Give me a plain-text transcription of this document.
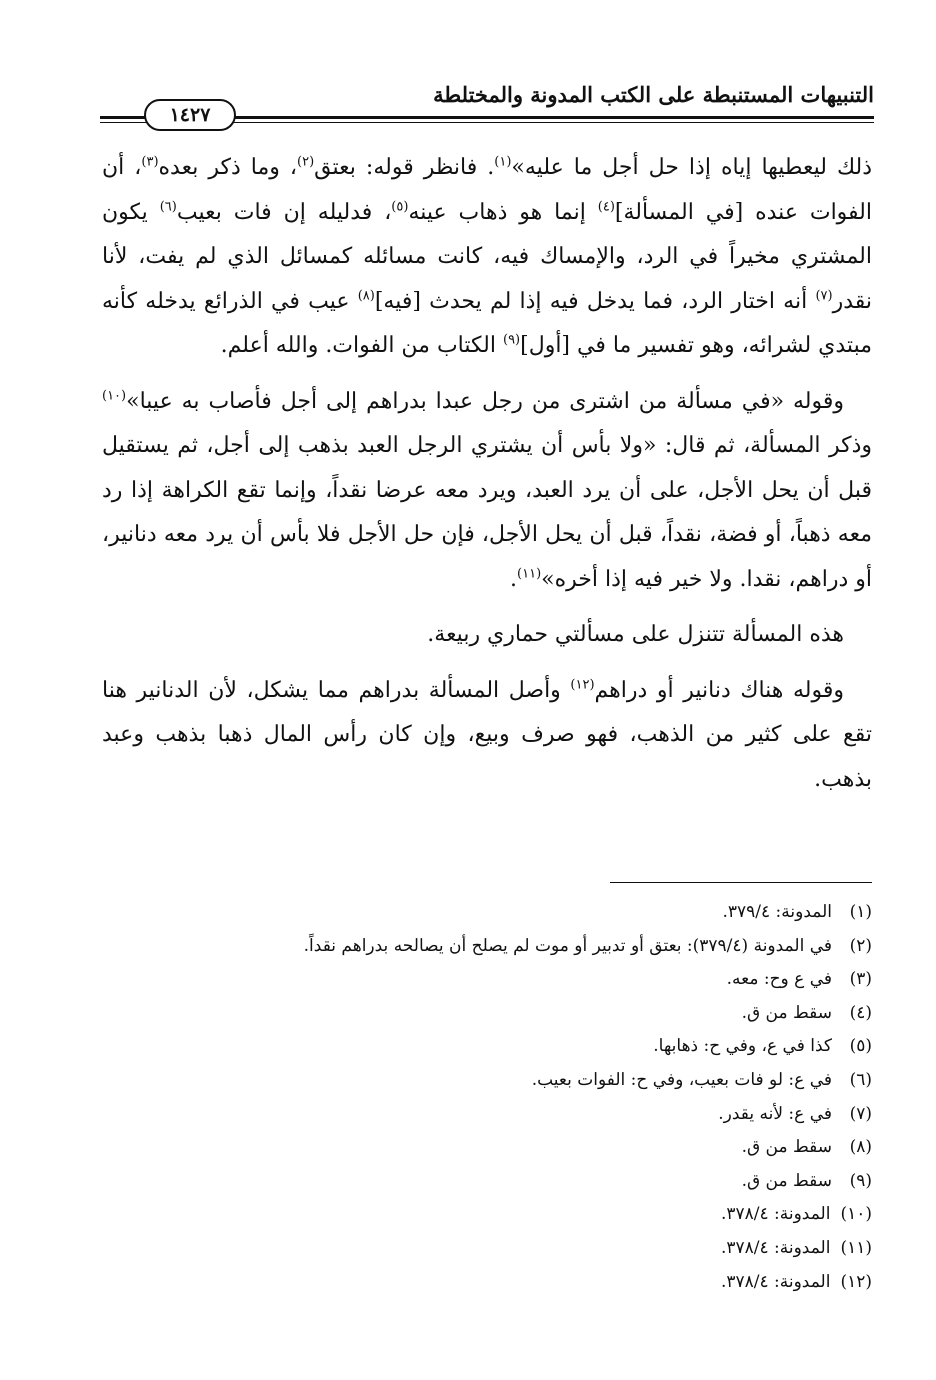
التنبيهات المستنبطة على الكتب المدونة والمختلطة
١٤٢٧

ذلك ليعطيها إياه إذا حل أجل ما عليه»$^{(١)}$. فانظر قوله: بعتق$^{(٢)}$، وما ذكر بعده$^{(٣)}$، أن الفوات عنده [في المسألة]$^{(٤)}$ إنما هو ذهاب عينه$^{(٥)}$، فدليله إن فات بعيب$^{(٦)}$ يكون المشتري مخيراً في الرد، والإمساك فيه، كانت مسائله كمسائل الذي لم يفت، لأنا نقدر$^{(٧)}$ أنه اختار الرد، فما يدخل فيه إذا لم يحدث [فيه]$^{(٨)}$ عيب في الذرائع يدخله كأنه مبتدي لشرائه، وهو تفسير ما في [أول]$^{(٩)}$ الكتاب من الفوات. والله أعلم.

وقوله «في مسألة من اشترى من رجل عبدا بدراهم إلى أجل فأصاب به عيبا»$^{(١٠)}$ وذكر المسألة، ثم قال: «ولا بأس أن يشتري الرجل العبد بذهب إلى أجل، ثم يستقيل قبل أن يحل الأجل، على أن يرد العبد، ويرد معه عرضا نقداً، وإنما تقع الكراهة إذا رد معه ذهباً، أو فضة، نقداً، قبل أن يحل الأجل، فإن حل الأجل فلا بأس أن يرد معه دنانير، أو دراهم، نقدا. ولا خير فيه إذا أخره»$^{(١١)}$.

هذه المسألة تتنزل على مسألتي حماري ربيعة.

وقوله هناك دنانير أو دراهم$^{(١٢)}$ وأصل المسألة بدراهم مما يشكل، لأن الدنانير هنا تقع على كثير من الذهب، فهو صرف وبيع، وإن كان رأس المال ذهبا بذهب وعبد بذهب.

(١)المدونة: ٣٧٩/٤.
(٢)في المدونة (٣٧٩/٤): بعتق أو تدبير أو موت لم يصلح أن يصالحه بدراهم نقداً.
(٣)في ع وح: معه.
(٤)سقط من ق.
(٥)كذا في ع، وفي ح: ذهابها.
(٦)في ع: لو فات بعيب، وفي ح: الفوات بعيب.
(٧)في ع: لأنه يقدر.
(٨)سقط من ق.
(٩)سقط من ق.
(١٠)المدونة: ٣٧٨/٤.
(١١)المدونة: ٣٧٨/٤.
(١٢)المدونة: ٣٧٨/٤.
